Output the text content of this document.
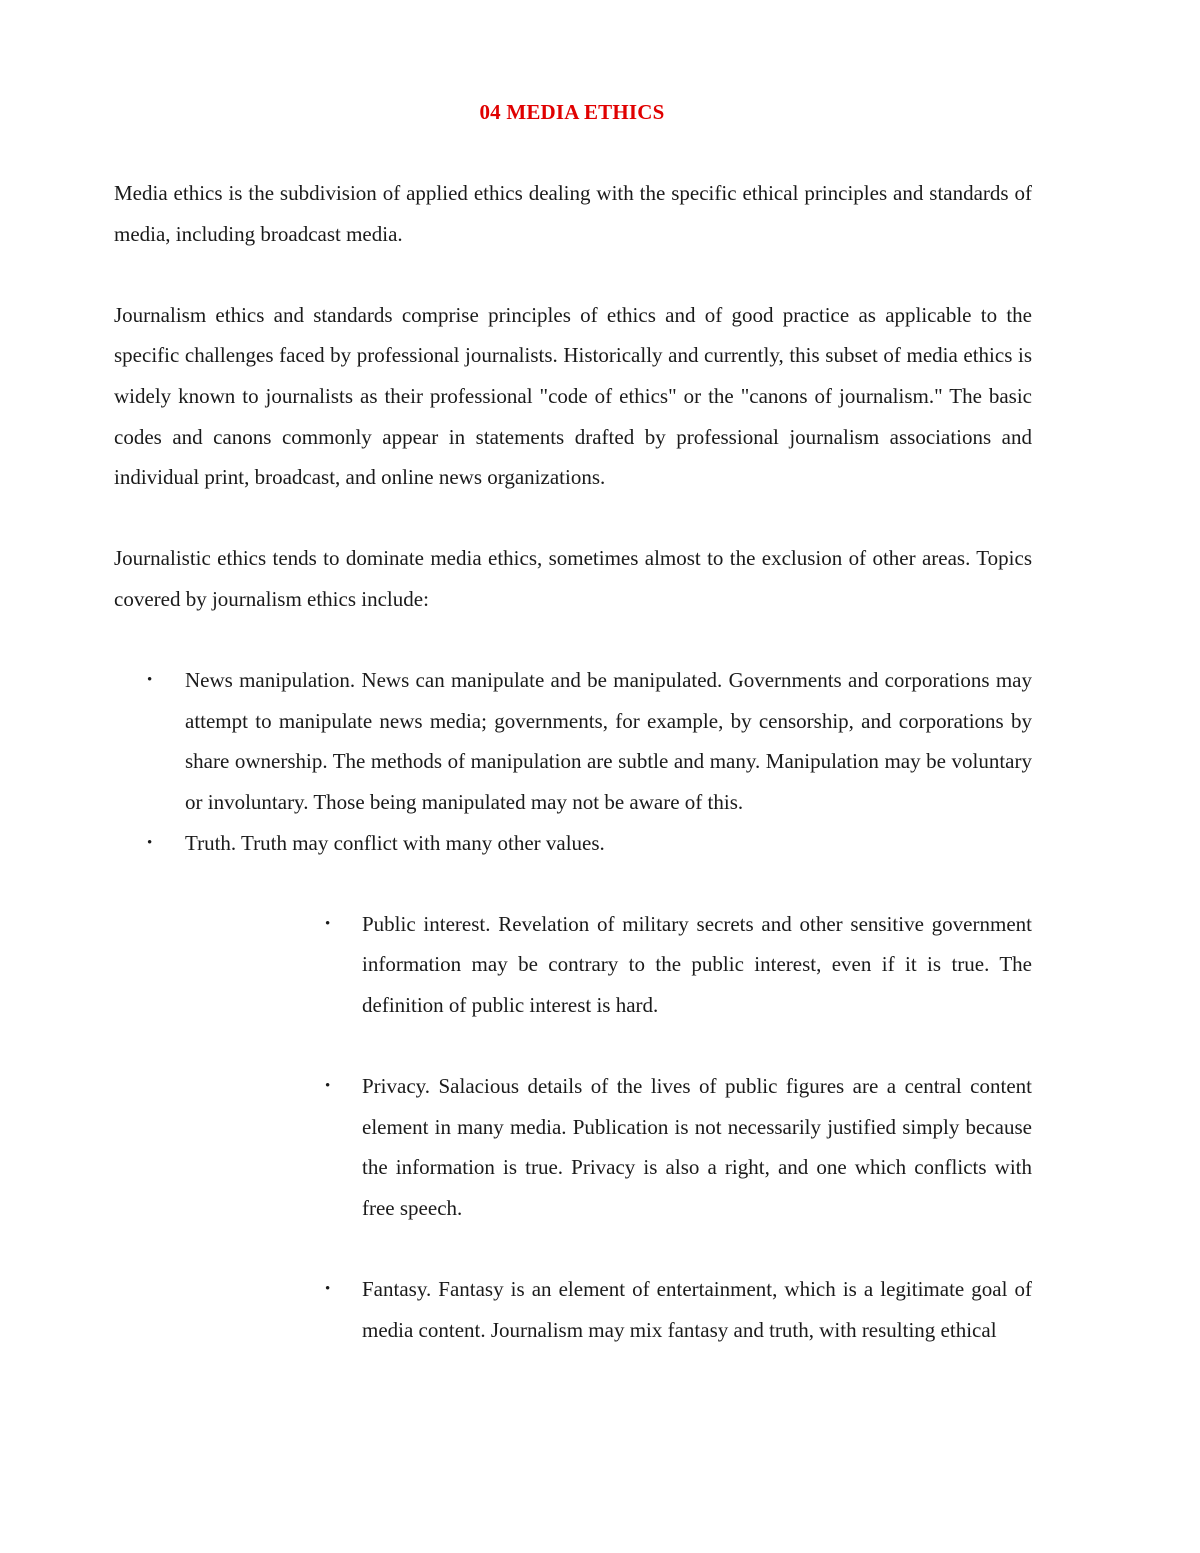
04 MEDIA ETHICS

Media ethics is the subdivision of applied ethics dealing with the specific ethical principles and standards of media, including broadcast media.

Journalism ethics and standards comprise principles of ethics and of good practice as applicable to the specific challenges faced by professional journalists. Historically and currently, this subset of media ethics is widely known to journalists as their professional "code of ethics" or the "canons of journalism." The basic codes and canons commonly appear in statements drafted by professional journalism associations and individual print, broadcast, and online news organizations.

Journalistic ethics tends to dominate media ethics, sometimes almost to the exclusion of other areas. Topics covered by journalism ethics include:

• News manipulation. News can manipulate and be manipulated. Governments and corporations may attempt to manipulate news media; governments, for example, by censorship, and corporations by share ownership. The methods of manipulation are subtle and many. Manipulation may be voluntary or involuntary. Those being manipulated may not be aware of this.
• Truth. Truth may conflict with many other values.
• Public interest. Revelation of military secrets and other sensitive government information may be contrary to the public interest, even if it is true. The definition of public interest is hard.
• Privacy. Salacious details of the lives of public figures are a central content element in many media. Publication is not necessarily justified simply because the information is true. Privacy is also a right, and one which conflicts with free speech.
• Fantasy. Fantasy is an element of entertainment, which is a legitimate goal of media content. Journalism may mix fantasy and truth, with resulting ethical
